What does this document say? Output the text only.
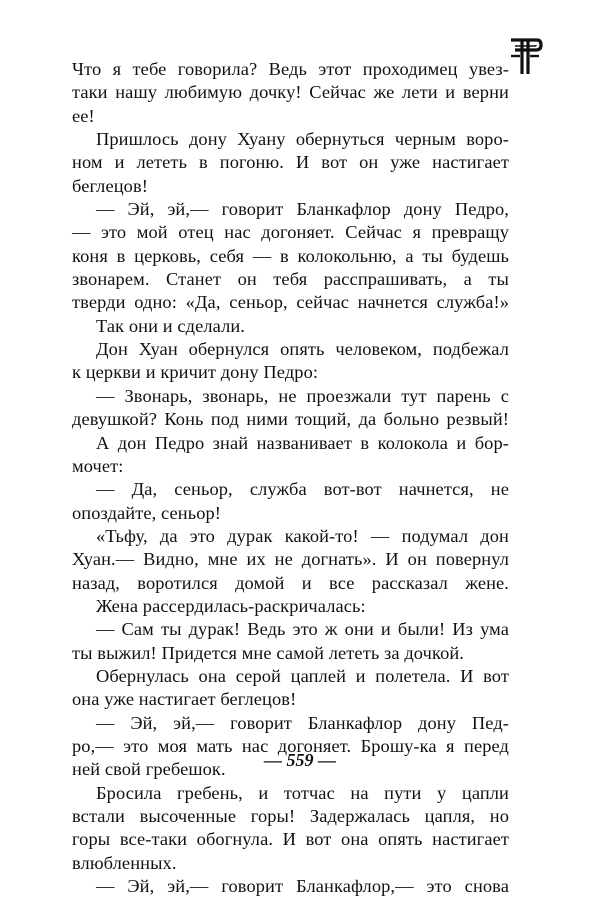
Что я тебе говорила? Ведь этот проходимец увез-
таки нашу любимую дочку! Сейчас же лети и верни
ее!
Пришлось дону Хуану обернуться черным воро-
ном и лететь в погоню. И вот он уже настигает
беглецов!
— Эй, эй,— говорит Бланкафлор дону Педро,
— это мой отец нас догоняет. Сейчас я превращу
коня в церковь, себя — в колокольню, а ты будешь
звонарем. Станет он тебя расспрашивать, а ты
тверди одно: «Да, сеньор, сейчас начнется служба!»
Так они и сделали.
Дон Хуан обернулся опять человеком, подбежал
к церкви и кричит дону Педро:
— Звонарь, звонарь, не проезжали тут парень с
девушкой? Конь под ними тощий, да больно резвый!
А дон Педро знай названивает в колокола и бор-
мочет:
— Да, сеньор, служба вот-вот начнется, не
опоздайте, сеньор!
«Тьфу, да это дурак какой-то! — подумал дон
Хуан.— Видно, мне их не догнать». И он повернул
назад, воротился домой и все рассказал жене.
Жена рассердилась-раскричалась:
— Сам ты дурак! Ведь это ж они и были! Из ума
ты выжил! Придется мне самой лететь за дочкой.
Обернулась она серой цаплей и полетела. И вот
она уже настигает беглецов!
— Эй, эй,— говорит Бланкафлор дону Пед-
ро,— это моя мать нас догоняет. Брошу-ка я перед
ней свой гребешок.
Бросила гребень, и тотчас на пути у цапли
встали высоченные горы! Задержалась цапля, но
горы все-таки обогнула. И вот она опять настигает
влюбленных.
— Эй, эй,— говорит Бланкафлор,— это снова
— 559 —
